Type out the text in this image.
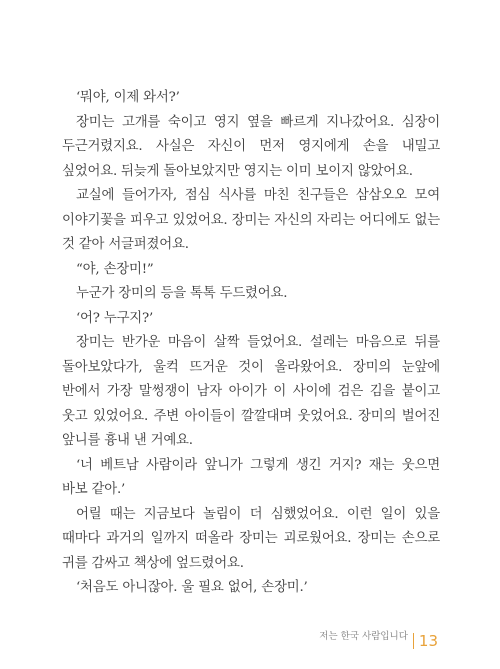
‘뭐야, 이제 와서?’

장미는 고개를 숙이고 영지 옆을 빠르게 지나갔어요. 심장이 두근거렸지요. 사실은 자신이 먼저 영지에게 손을 내밀고 싶었어요. 뒤늦게 돌아보았지만 영지는 이미 보이지 않았어요.

교실에 들어가자, 점심 식사를 마친 친구들은 삼삼오오 모여 이야기꽃을 피우고 있었어요. 장미는 자신의 자리는 어디에도 없는 것 같아 서글퍼졌어요.

“야, 손장미!”

누군가 장미의 등을 톡톡 두드렸어요.

‘어? 누구지?’

장미는 반가운 마음이 살짝 들었어요. 설레는 마음으로 뒤를 돌아보았다가, 울컥 뜨거운 것이 올라왔어요. 장미의 눈앞에 반에서 가장 말썽쟁이 남자 아이가 이 사이에 검은 김을 붙이고 웃고 있었어요. 주변 아이들이 깔깔대며 웃었어요. 장미의 벌어진 앞니를 흉내 낸 거예요.

‘너 베트남 사람이라 앞니가 그렇게 생긴 거지? 재는 웃으면 바보 같아.’

어릴 때는 지금보다 놀림이 더 심했었어요. 이런 일이 있을 때마다 과거의 일까지 떠올라 장미는 괴로웠어요. 장미는 손으로 귀를 감싸고 책상에 엎드렸어요.

‘처음도 아니잖아. 울 필요 없어, 손장미.’

저는 한국 사람입니다 13
